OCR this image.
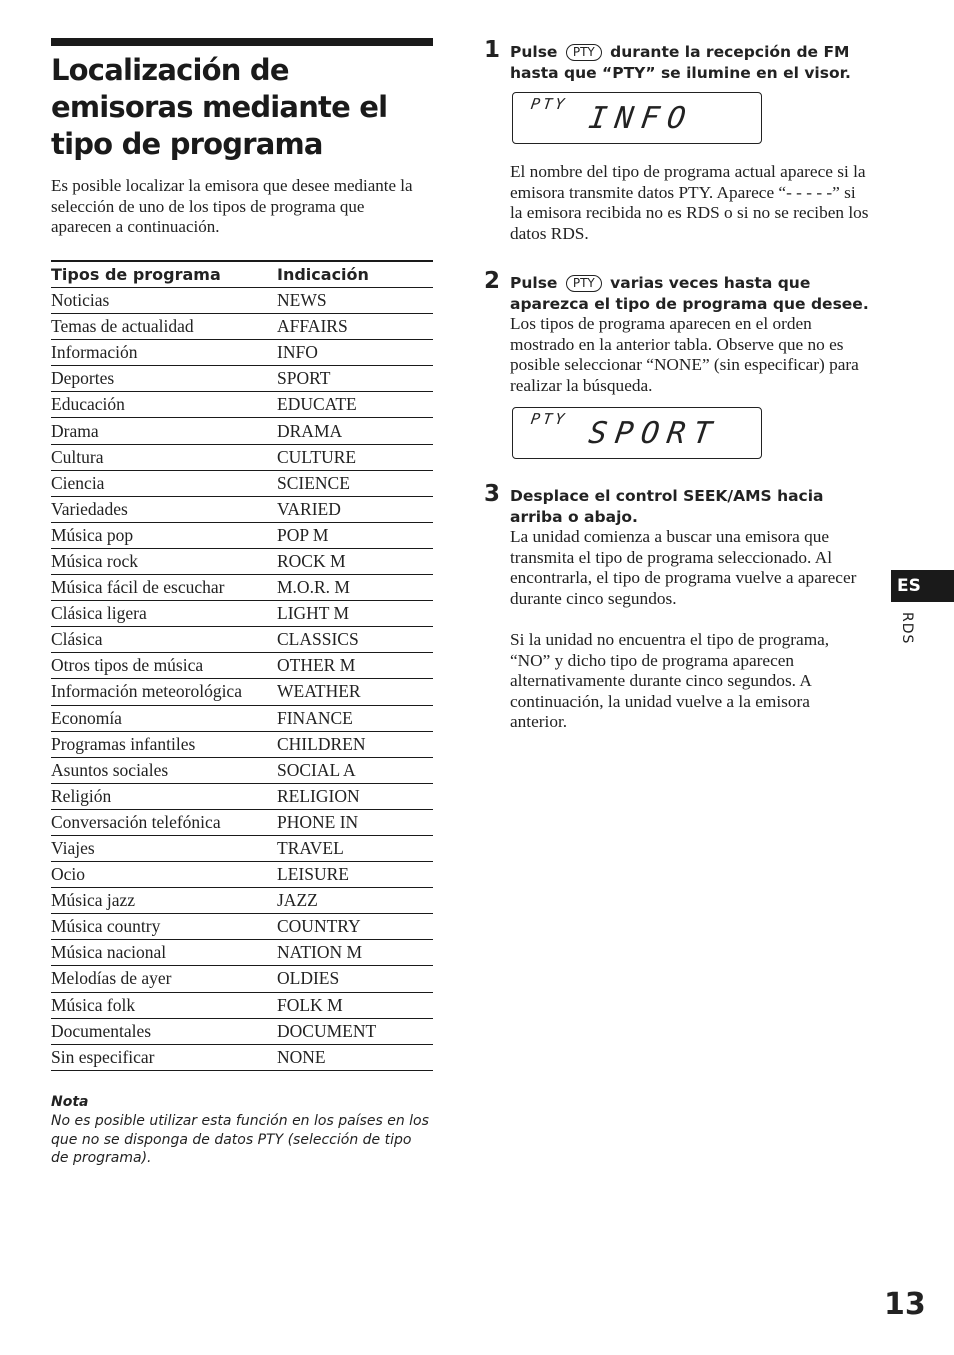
Localización de emisoras mediante el tipo de programa

Es posible localizar la emisora que desee mediante la selección de uno de los tipos de programa que aparecen a continuación.

Tipos de programa	Indicación
Noticias	NEWS
Temas de actualidad	AFFAIRS
Información	INFO
Deportes	SPORT
Educación	EDUCATE
Drama	DRAMA
Cultura	CULTURE
Ciencia	SCIENCE
Variedades	VARIED
Música pop	POP M
Música rock	ROCK M
Música fácil de escuchar	M.O.R. M
Clásica ligera	LIGHT M
Clásica	CLASSICS
Otros tipos de música	OTHER M
Información meteorológica	WEATHER
Economía	FINANCE
Programas infantiles	CHILDREN
Asuntos sociales	SOCIAL A
Religión	RELIGION
Conversación telefónica	PHONE IN
Viajes	TRAVEL
Ocio	LEISURE
Música jazz	JAZZ
Música country	COUNTRY
Música nacional	NATION M
Melodías de ayer	OLDIES
Música folk	FOLK M
Documentales	DOCUMENT
Sin especificar	NONE

Nota

No es posible utilizar esta función en los países en los que no se disponga de datos PTY (selección de tipo de programa).

1 Pulse PTY durante la recepción de FM hasta que “PTY” se ilumine en el visor.

PTY INFO

El nombre del tipo de programa actual aparece si la emisora transmite datos PTY. Aparece “- - - - -” si la emisora recibida no es RDS o si no se reciben los datos RDS.

2 Pulse PTY varias veces hasta que aparezca el tipo de programa que desee.

Los tipos de programa aparecen en el orden mostrado en la anterior tabla. Observe que no es posible seleccionar “NONE” (sin especificar) para realizar la búsqueda.

PTY SPORT
3 Desplace el control SEEK/AMS hacia arriba o abajo.

La unidad comienza a buscar una emisora que transmita el tipo de programa seleccionado. Al encontrarla, el tipo de programa vuelve a aparecer durante cinco segundos.

Si la unidad no encuentra el tipo de programa, “NO” y dicho tipo de programa aparecen alternativamente durante cinco segundos. A continuación, la unidad vuelve a la emisora anterior.

ES
RDS
13
